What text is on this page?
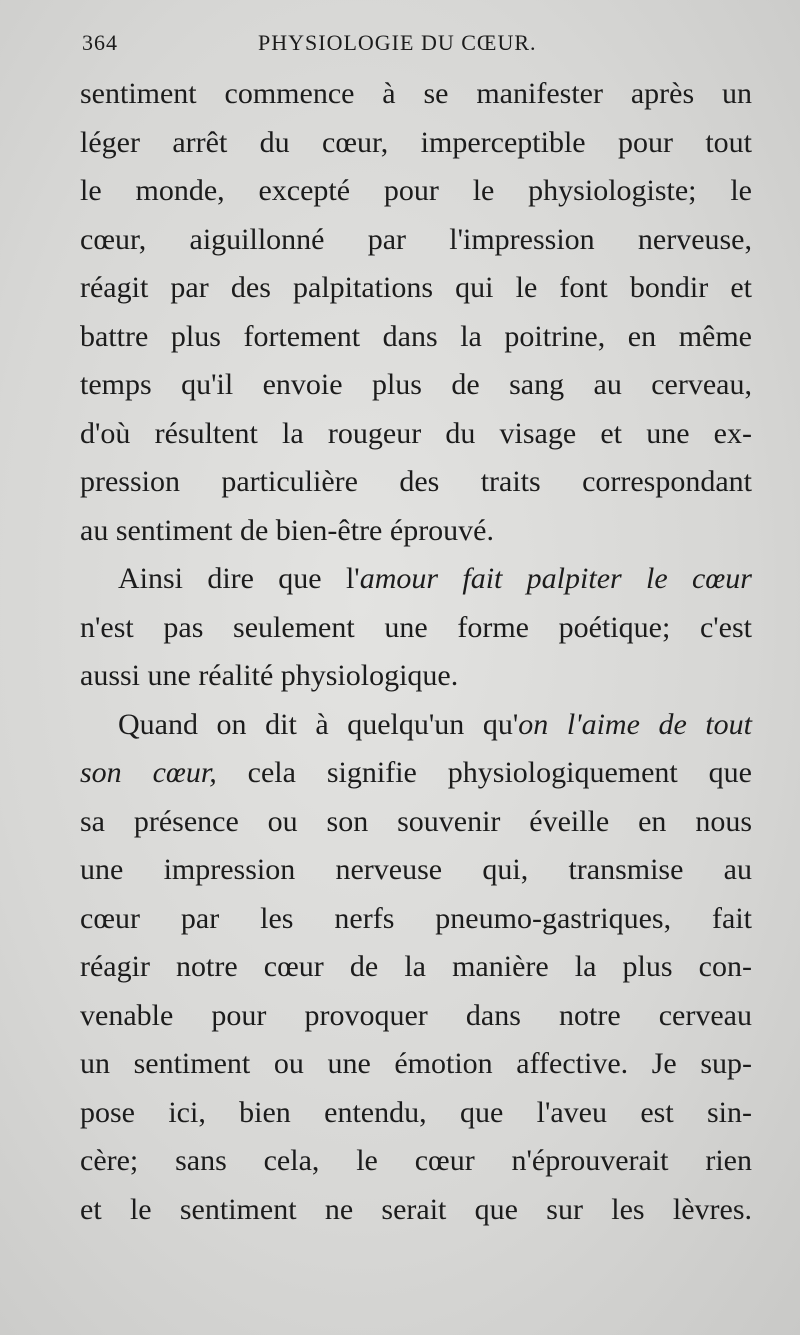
364	PHYSIOLOGIE DU CŒUR.
sentiment commence à se manifester après un
léger arrêt du cœur, imperceptible pour tout
le monde, excepté pour le physiologiste; le
cœur, aiguillonné par l'impression nerveuse,
réagit par des palpitations qui le font bondir et
battre plus fortement dans la poitrine, en même
temps qu'il envoie plus de sang au cerveau,
d'où résultent la rougeur du visage et une ex-
pression particulière des traits correspondant
au sentiment de bien-être éprouvé.
Ainsi dire que l'amour fait palpiter le cœur
n'est pas seulement une forme poétique; c'est
aussi une réalité physiologique.
Quand on dit à quelqu'un qu'on l'aime de tout
son cœur, cela signifie physiologiquement que
sa présence ou son souvenir éveille en nous
une impression nerveuse qui, transmise au
cœur par les nerfs pneumo-gastriques, fait
réagir notre cœur de la manière la plus con-
venable pour provoquer dans notre cerveau
un sentiment ou une émotion affective. Je sup-
pose ici, bien entendu, que l'aveu est sin-
cère; sans cela, le cœur n'éprouverait rien
et le sentiment ne serait que sur les lèvres.
